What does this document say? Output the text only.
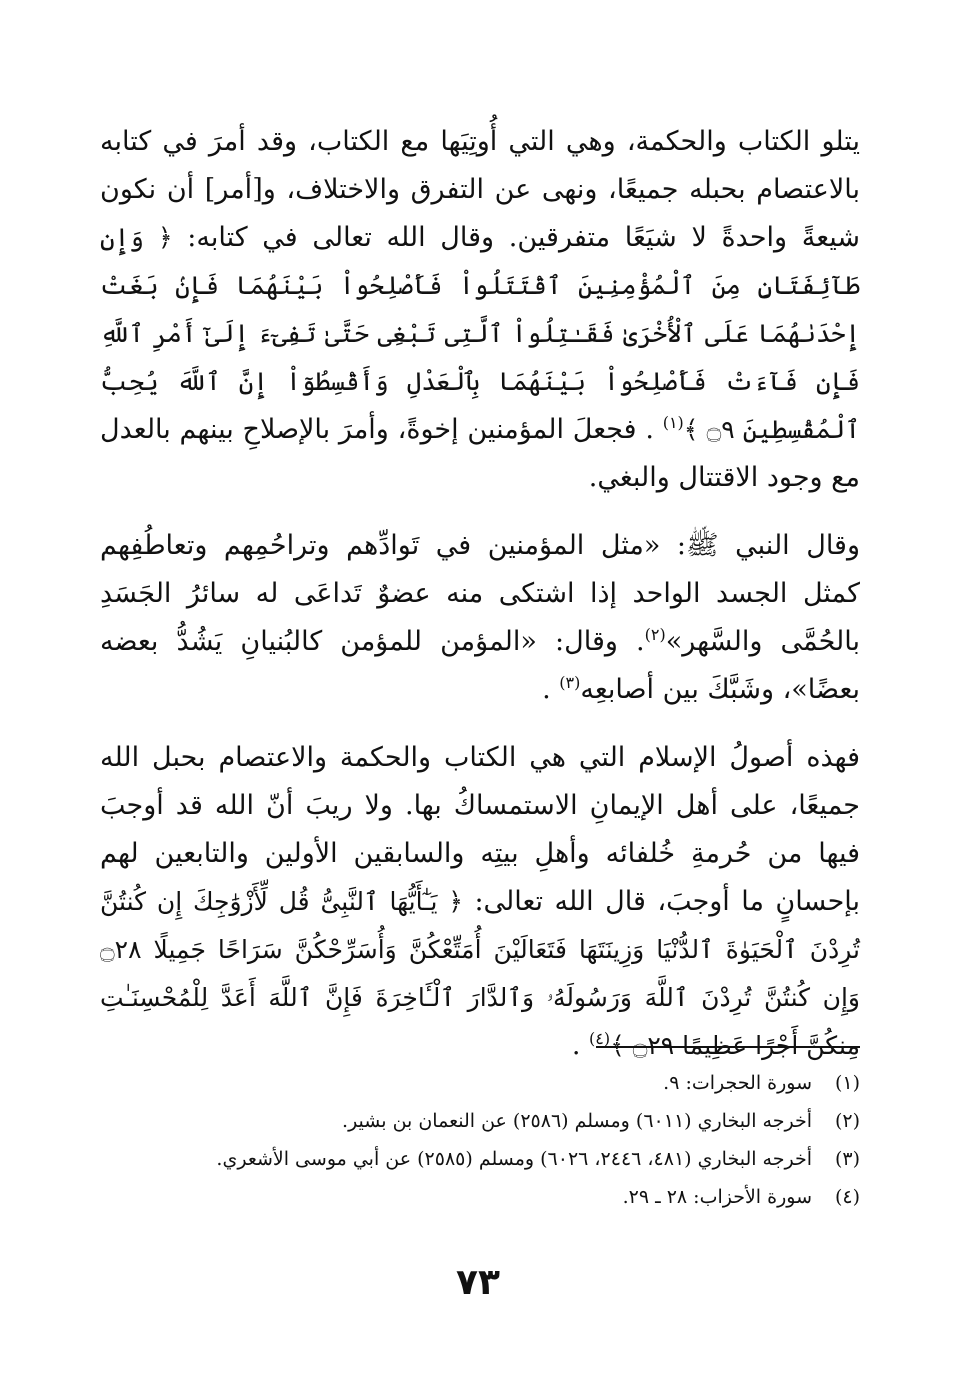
يتلو الكتاب والحكمة، وهي التي أُوتِيَها مع الكتاب، وقد أمرَ في كتابه بالاعتصام بحبله جميعًا، ونهى عن التفرق والاختلاف، و[أمر] أن نكون شيعةً واحدةً لا شيَعًا متفرقين. وقال الله تعالى في كتابه: ﴿ وَإِن طَآئِفَتَانِ مِنَ ٱلْمُؤْمِنِينَ ٱقْتَتَلُواْ فَأَصْلِحُواْ بَيْنَهُمَا فَإِنۢ بَغَتْ إِحْدَىٰهُمَا عَلَى ٱلْأُخْرَىٰ فَقَـٰتِلُواْ ٱلَّتِى تَبْغِى حَتَّىٰ تَفِىٓءَ إِلَىٰٓ أَمْرِ ٱللَّهِ فَإِن فَآءَتْ فَأَصْلِحُواْ بَيْنَهُمَا بِٱلْعَدْلِ وَأَقْسِطُوٓاْ إِنَّ ٱللَّهَ يُحِبُّ ٱلْمُقْسِطِينَ ۝٩ ﴾$^{(١)}$ . فجعلَ المؤمنين إخوةً، وأمرَ بالإصلاحِ بينهم بالعدل مع وجود الاقتتال والبغي.

وقال النبي ﷺ: «مثل المؤمنين في تَوادِّهم وتراحُمِهم وتعاطُفِهم كمثل الجسد الواحد إذا اشتكى منه عضوٌ تَداعَى له سائرُ الجَسَدِ بالحُمَّى والسَّهر»$^{(٢)}$. وقال: «المؤمن للمؤمن كالبُنيانِ يَشُدُّ بعضه بعضًا»، وشَبَّكَ بين أصابعِه$^{(٣)}$ .

فهذه أصولُ الإسلام التي هي الكتاب والحكمة والاعتصام بحبل الله جميعًا، على أهل الإيمانِ الاستمساكُ بها. ولا ريبَ أنّ الله قد أوجبَ فيها من حُرمةِ خُلفائه وأهلِ بيتِه والسابقين الأولين والتابعين لهم بإحسانٍ ما أوجبَ، قال الله تعالى: ﴿ يَـٰٓأَيُّهَا ٱلنَّبِىُّ قُل لِّأَزْوَٰجِكَ إِن كُنتُنَّ تُرِدْنَ ٱلْحَيَوٰةَ ٱلدُّنْيَا وَزِينَتَهَا فَتَعَالَيْنَ أُمَتِّعْكُنَّ وَأُسَرِّحْكُنَّ سَرَاحًا جَمِيلًا ۝٢٨ وَإِن كُنتُنَّ تُرِدْنَ ٱللَّهَ وَرَسُولَهُۥ وَٱلدَّارَ ٱلْـَٔاخِرَةَ فَإِنَّ ٱللَّهَ أَعَدَّ لِلْمُحْسِنَـٰتِ مِنكُنَّ أَجْرًا عَظِيمًا ۝٢٩ ﴾$^{(٤)}$ .

(١)
سورة الحجرات: ٩.
(٢)
أخرجه البخاري (٦٠١١) ومسلم (٢٥٨٦) عن النعمان بن بشير.
(٣)
أخرجه البخاري (٤٨١، ٢٤٤٦، ٦٠٢٦) ومسلم (٢٥٨٥) عن أبي موسى الأشعري.
(٤)
سورة الأحزاب: ٢٨ ـ ٢٩.
٧٣
